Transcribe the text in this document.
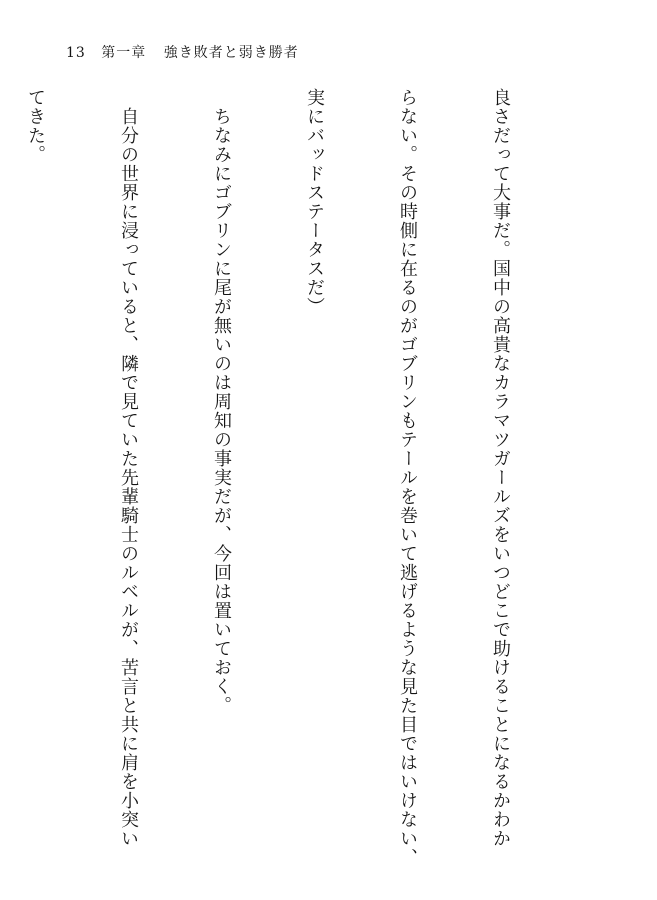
13 第一章 強き敗者と弱き勝者

良さだって大事だ。国中の高貴なカラマツガールズをいつどこで助けることになるかわか

らない。その時側に在るのがゴブリンもテールを巻いて逃げるような見た目ではいけない、

実にバッドステータスだ）

　ちなみにゴブリンに尾が無いのは周知の事実だが、今回は置いておく。

　自分の世界に浸っていると、隣で見ていた先輩騎士のルベルが、苦言と共に肩を小突い

てきた。
